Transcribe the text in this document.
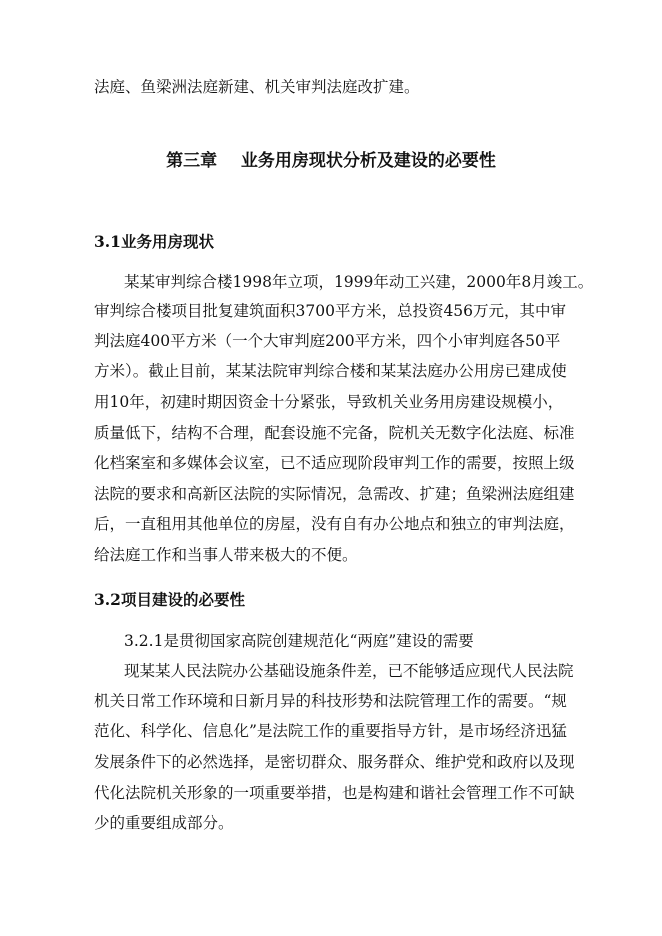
法庭、鱼梁洲法庭新建、机关审判法庭改扩建。
第三章    业务用房现状分析及建设的必要性
3.1业务用房现状
某某审判综合楼1998年立项，1999年动工兴建，2000年8月竣工。
审判综合楼项目批复建筑面积3700平方米，总投资456万元，其中审
判法庭400平方米（一个大审判庭200平方米，四个小审判庭各50平
方米）。截止目前，某某法院审判综合楼和某某法庭办公用房已建成使
用10年，初建时期因资金十分紧张，导致机关业务用房建设规模小，
质量低下，结构不合理，配套设施不完备，院机关无数字化法庭、标准
化档案室和多媒体会议室，已不适应现阶段审判工作的需要，按照上级
法院的要求和高新区法院的实际情况，急需改、扩建；鱼梁洲法庭组建
后，一直租用其他单位的房屋，没有自有办公地点和独立的审判法庭，
给法庭工作和当事人带来极大的不便。
3.2项目建设的必要性
3.2.1是贯彻国家高院创建规范化“两庭”建设的需要
现某某人民法院办公基础设施条件差，已不能够适应现代人民法院
机关日常工作环境和日新月异的科技形势和法院管理工作的需要。“规
范化、科学化、信息化”是法院工作的重要指导方针，是市场经济迅猛
发展条件下的必然选择，是密切群众、服务群众、维护党和政府以及现
代化法院机关形象的一项重要举措，也是构建和谐社会管理工作不可缺
少的重要组成部分。
